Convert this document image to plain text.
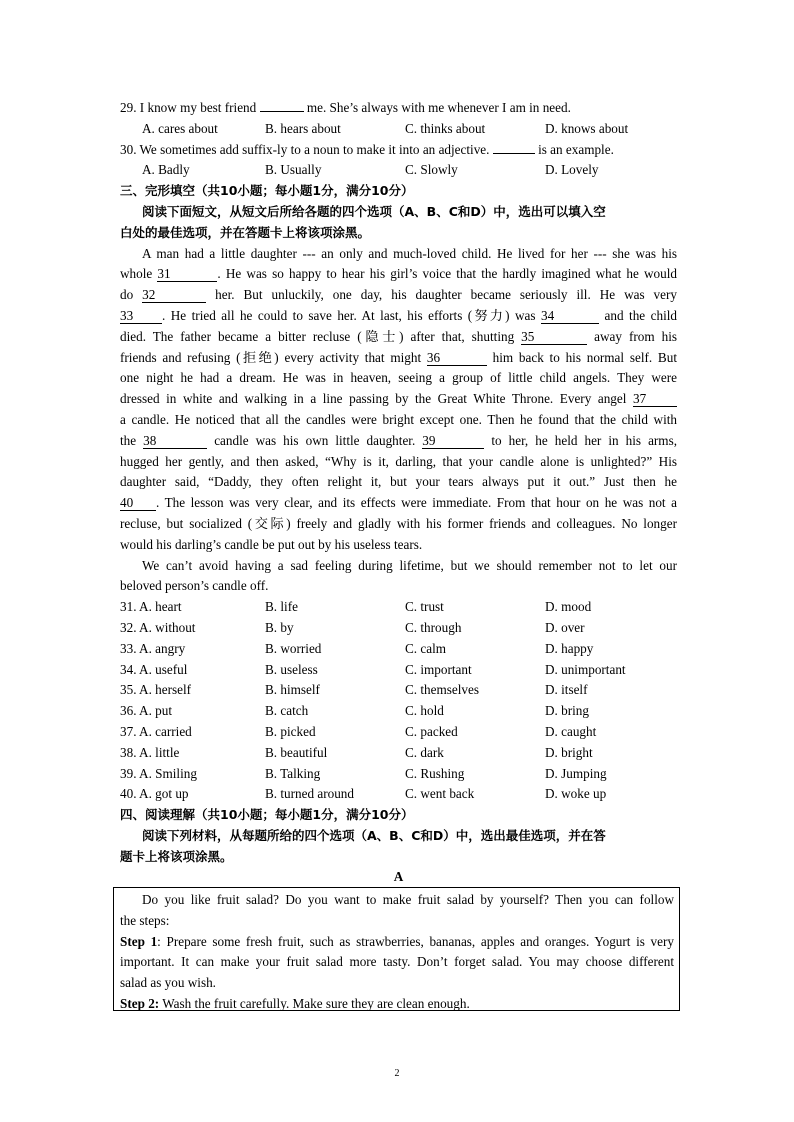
29. I know my best friend	me. She’s always with me whenever I am in need.
A. cares about	B. hears about	C. thinks about	D. knows about
30. We sometimes add suffix-ly to a noun to make it into an adjective.	is an example.
A. Badly	B. Usually	C. Slowly	D. Lovely
三、完形填空（共10小题；每小题1分，满分10分）
阅读下面短文，从短文后所给各题的四个选项（A、B、C和D）中，选出可以填入空
白处的最佳选项，并在答题卡上将该项涂黑。
A man had a little daughter --- an only and much-loved child. He lived for her --- she was his
whole 31	. He was so happy to hear his girl’s voice that the hardly imagined what he would
do 32	her. But unluckily, one day, his daughter became seriously ill. He was very
33 . He tried all he could to save her. At last, his efforts (努力) was 34	and the child
died. The father became a bitter recluse (隐士) after that, shutting 35	away from his
friends and refusing (拒绝) every activity that might 36	him back to his normal self. But
one night he had a dream. He was in heaven, seeing a group of little child angels. They were
dressed in white and walking in a line passing by the Great White Throne. Every angel 37
a candle. He noticed that all the candles were bright except one. Then he found that the child with
the 38	candle was his own little daughter. 39	to her, he held her in his arms,
hugged her gently, and then asked, “Why is it, darling, that your candle alone is unlighted?” His
daughter said, “Daddy, they often relight it, but your tears always put it out.” Just then he
40 . The lesson was very clear, and its effects were immediate. From that hour on he was not a
recluse, but socialized (交际) freely and gladly with his former friends and colleagues. No longer
would his darling’s candle be put out by his useless tears.
We can’t avoid having a sad feeling during lifetime, but we should remember not to let our
beloved person’s candle off.
31. A. heart	B. life	C. trust	D. mood
32. A. without	B. by	C. through	D. over
33. A. angry	B. worried	C. calm	D. happy
34. A. useful	B. useless	C. important	D. unimportant
35. A. herself	B. himself	C. themselves	D. itself
36. A. put	B. catch	C. hold	D. bring
37. A. carried	B. picked	C. packed	D. caught
38. A. little	B. beautiful	C. dark	D. bright
39. A. Smiling	B. Talking	C. Rushing	D. Jumping
40. A. got up	B. turned around	C. went back	D. woke up
四、阅读理解（共10小题；每小题1分，满分10分）
阅读下列材料，从每题所给的四个选项（A、B、C和D）中，选出最佳选项，并在答
题卡上将该项涂黑。
A
Do you like fruit salad? Do you want to make fruit salad by yourself? Then you can follow
the steps:
Step 1: Prepare some fresh fruit, such as strawberries, bananas, apples and oranges. Yogurt is very
important. It can make your fruit salad more tasty. Don’t forget salad. You may choose different
salad as you wish.
Step 2: Wash the fruit carefully. Make sure they are clean enough.
2
